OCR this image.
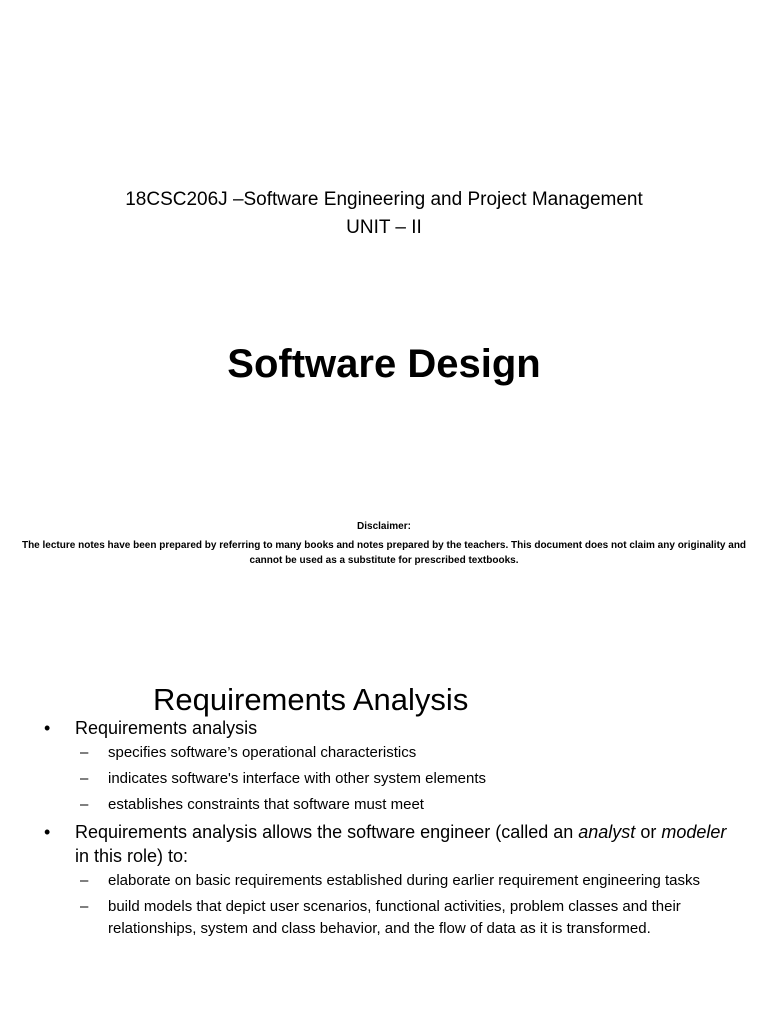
18CSC206J –Software Engineering and Project Management
UNIT – II
Software Design
Disclaimer:
The lecture notes have been prepared by referring to many books and notes prepared by the teachers. This document does not claim any originality and cannot be used as a substitute for prescribed textbooks.
Requirements Analysis
•	Requirements analysis
–	specifies software’s operational characteristics
–	indicates software's interface with other system elements
–	establishes constraints that software must meet
•	Requirements analysis allows the software engineer (called an analyst or modeler in this role) to:
–	elaborate on basic requirements established during earlier requirement engineering tasks
–	build models that depict user scenarios, functional activities, problem classes and their relationships, system and class behavior, and the flow of data as it is transformed.
